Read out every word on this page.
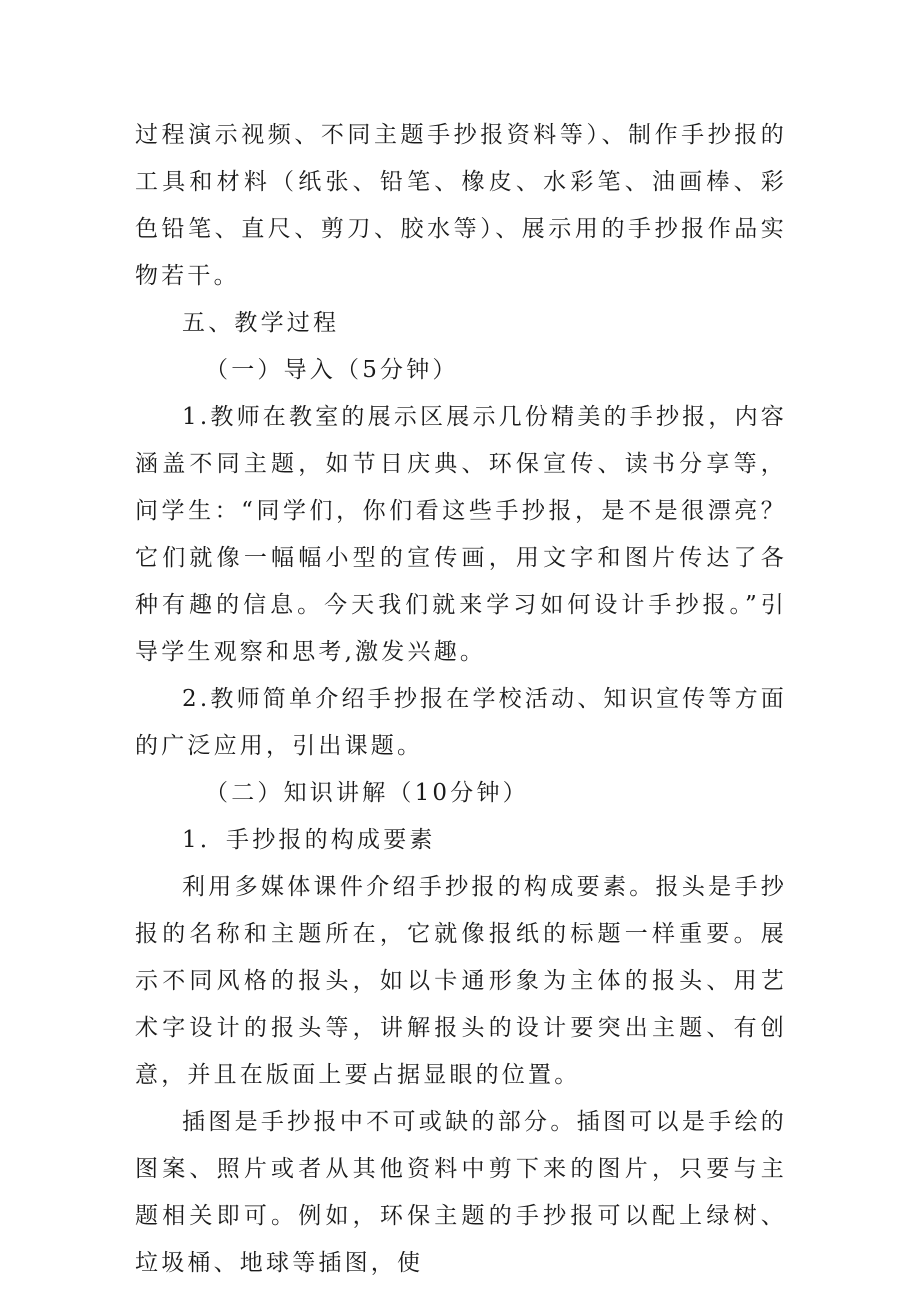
过程演示视频、不同主题手抄报资料等）、制作手抄报的工具和材料（纸张、铅笔、橡皮、水彩笔、油画棒、彩色铅笔、直尺、剪刀、胶水等）、展示用的手抄报作品实物若干。

五、教学过程

（一）导入（5分钟）

1.教师在教室的展示区展示几份精美的手抄报，内容涵盖不同主题，如节日庆典、环保宣传、读书分享等，问学生：“同学们，你们看这些手抄报，是不是很漂亮？它们就像一幅幅小型的宣传画，用文字和图片传达了各种有趣的信息。今天我们就来学习如何设计手抄报。”引导学生观察和思考,激发兴趣。

2.教师简单介绍手抄报在学校活动、知识宣传等方面的广泛应用，引出课题。

（二）知识讲解（10分钟）

1．手抄报的构成要素

利用多媒体课件介绍手抄报的构成要素。报头是手抄报的名称和主题所在，它就像报纸的标题一样重要。展示不同风格的报头，如以卡通形象为主体的报头、用艺术字设计的报头等，讲解报头的设计要突出主题、有创意，并且在版面上要占据显眼的位置。

插图是手抄报中不可或缺的部分。插图可以是手绘的图案、照片或者从其他资料中剪下来的图片，只要与主题相关即可。例如，环保主题的手抄报可以配上绿树、垃圾桶、地球等插图，使
